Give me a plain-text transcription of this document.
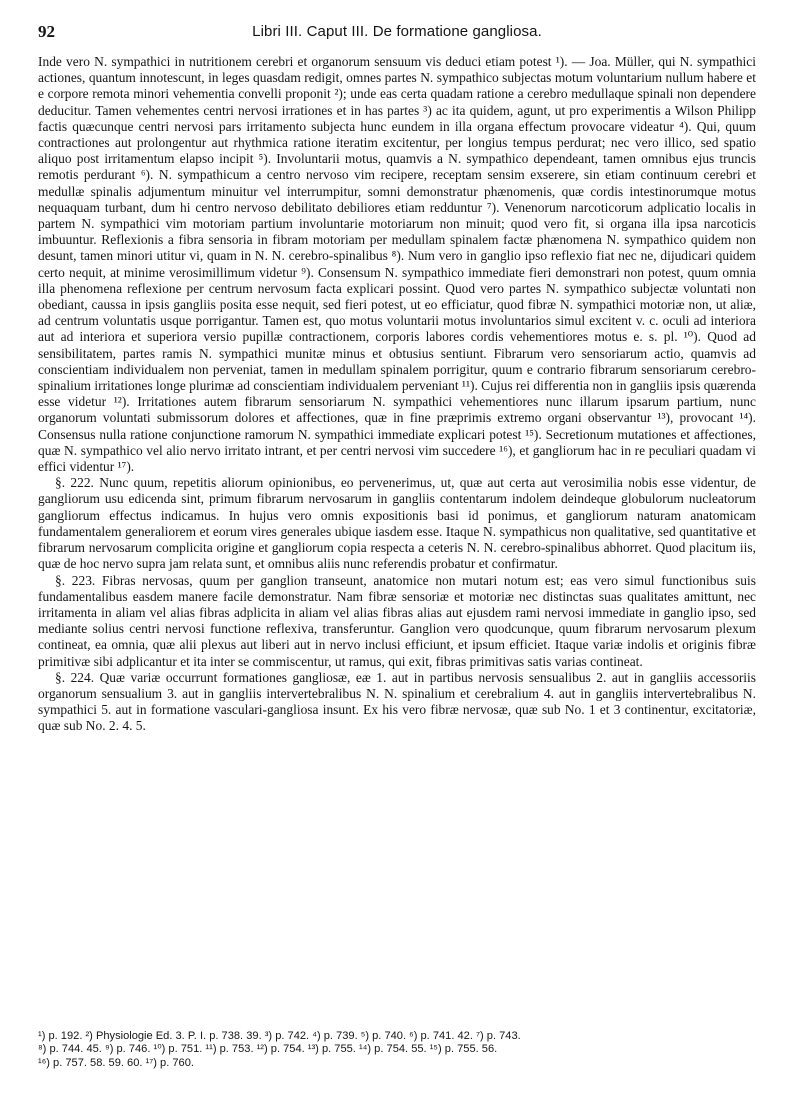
92	Libri III. Caput III. De formatione gangliosa.

Inde vero N. sympathici in nutritionem cerebri et organorum sensuum vis deduci etiam potest ¹). — Joa. Müller, qui N. sympathici actiones, quantum innotescunt, in leges quasdam redigit, omnes partes N. sympathico subjectas motum voluntarium nullum habere et e corpore remota minori vehementia convelli proponit ²); unde eas certa quadam ratione a cerebro medullaque spinali non dependere deducitur. Tamen vehementes centri nervosi irrationes et in has partes ³) ac ita quidem, agunt, ut pro experimentis a Wilson Philipp factis quæcunque centri nervosi pars irritamento subjecta hunc eundem in illa organa effectum provocare videatur ⁴). Qui, quum contractiones aut prolongentur aut rhythmica ratione iteratim excitentur, per longius tempus perdurat; nec vero illico, sed spatio aliquo post irritamentum elapso incipit ⁵). Involuntarii motus, quamvis a N. sympathico dependeant, tamen omnibus ejus truncis remotis perdurant ⁶). N. sympathicum a centro nervoso vim recipere, receptam sensim exserere, sin etiam continuum cerebri et medullæ spinalis adjumentum minuitur vel interrumpitur, somni demonstratur phænomenis, quæ cordis intestinorumque motus nequaquam turbant, dum hi centro nervoso debilitato debiliores etiam redduntur ⁷). Venenorum narcoticorum adplicatio localis in partem N. sympathici vim motoriam partium involuntarie motoriarum non minuit; quod vero fit, si organa illa ipsa narcoticis imbuuntur. Reflexionis a fibra sensoria in fibram motoriam per medullam spinalem factæ phænomena N. sympathico quidem non desunt, tamen minori utitur vi, quam in N. N. cerebro-spinalibus ⁸). Num vero in ganglio ipso reflexio fiat nec ne, dijudicari quidem certo nequit, at minime verosimillimum videtur ⁹). Consensum N. sympathico immediate fieri demonstrari non potest, quum omnia illa phenomena reflexione per centrum nervosum facta explicari possint. Quod vero partes N. sympathico subjectæ voluntati non obediant, caussa in ipsis gangliis posita esse nequit, sed fieri potest, ut eo efficiatur, quod fibræ N. sympathici motoriæ non, ut aliæ, ad centrum voluntatis usque porrigantur. Tamen est, quo motus voluntarii motus involuntarios simul excitent v. c. oculi ad interiora aut ad interiora et superiora versio pupillæ contractionem, corporis labores cordis vehementiores motus e. s. pl. ¹⁰). Quod ad sensibilitatem, partes ramis N. sympathici munitæ minus et obtusius sentiunt. Fibrarum vero sensoriarum actio, quamvis ad conscientiam individualem non perveniat, tamen in medullam spinalem porrigitur, quum e contrario fibrarum sensoriarum cerebro-spinalium irritationes longe plurimæ ad conscientiam individualem perveniant ¹¹). Cujus rei differentia non in gangliis ipsis quærenda esse videtur ¹²). Irritationes autem fibrarum sensoriarum N. sympathici vehementiores nunc illarum ipsarum partium, nunc organorum voluntati submissorum dolores et affectiones, quæ in fine præprimis extremo organi observantur ¹³), provocant ¹⁴). Consensus nulla ratione conjunctione ramorum N. sympathici immediate explicari potest ¹⁵). Secretionum mutationes et affectiones, quæ N. sympathico vel alio nervo irritato intrant, et per centri nervosi vim succedere ¹⁶), et gangliorum hac in re peculiari quadam vi effici videntur ¹⁷).

§. 222. Nunc quum, repetitis aliorum opinionibus, eo pervenerimus, ut, quæ aut certa aut verosimilia nobis esse videntur, de gangliorum usu edicenda sint, primum fibrarum nervosarum in gangliis contentarum indolem deindeque globulorum nucleatorum gangliorum effectus indicamus. In hujus vero omnis expositionis basi id ponimus, et gangliorum naturam anatomicam fundamentalem generaliorem et eorum vires generales ubique iasdem esse. Itaque N. sympathicus non qualitative, sed quantitative et fibrarum nervosarum complicita origine et gangliorum copia respecta a ceteris N. N. cerebro-spinalibus abhorret. Quod placitum iis, quæ de hoc nervo supra jam relata sunt, et omnibus aliis nunc referendis probatur et confirmatur.

§. 223. Fibras nervosas, quum per ganglion transeunt, anatomice non mutari notum est; eas vero simul functionibus suis fundamentalibus easdem manere facile demonstratur. Nam fibræ sensoriæ et motoriæ nec distinctas suas qualitates amittunt, nec irritamenta in aliam vel alias fibras adplicita in aliam vel alias fibras alias aut ejusdem rami nervosi immediate in ganglio ipso, sed mediante solius centri nervosi functione reflexiva, transferuntur. Ganglion vero quodcunque, quum fibrarum nervosarum plexum contineat, ea omnia, quæ alii plexus aut liberi aut in nervo inclusi efficiunt, et ipsum efficiet. Itaque variæ indolis et originis fibræ primitivæ sibi adplicantur et ita inter se commiscentur, ut ramus, qui exit, fibras primitivas satis varias contineat.

§. 224. Quæ variæ occurrunt formationes gangliosæ, eæ 1. aut in partibus nervosis sensualibus 2. aut in gangliis accessoriis organorum sensualium 3. aut in gangliis intervertebralibus N. N. spinalium et cerebralium 4. aut in gangliis intervertebralibus N. sympathici 5. aut in formatione vasculari-gangliosa insunt. Ex his vero fibræ nervosæ, quæ sub No. 1 et 3 continentur, excitatoriæ, quæ sub No. 2. 4. 5.

¹) p. 192. ²) Physiologie Ed. 3. P. I. p. 738. 39. ³) p. 742. ⁴) p. 739. ⁵) p. 740. ⁶) p. 741. 42. ⁷) p. 743.
⁸) p. 744. 45. ⁹) p. 746. ¹⁰) p. 751. ¹¹) p. 753. ¹²) p. 754. ¹³) p. 755. ¹⁴) p. 754. 55. ¹⁵) p. 755. 56.
¹⁶) p. 757. 58. 59. 60. ¹⁷) p. 760.
